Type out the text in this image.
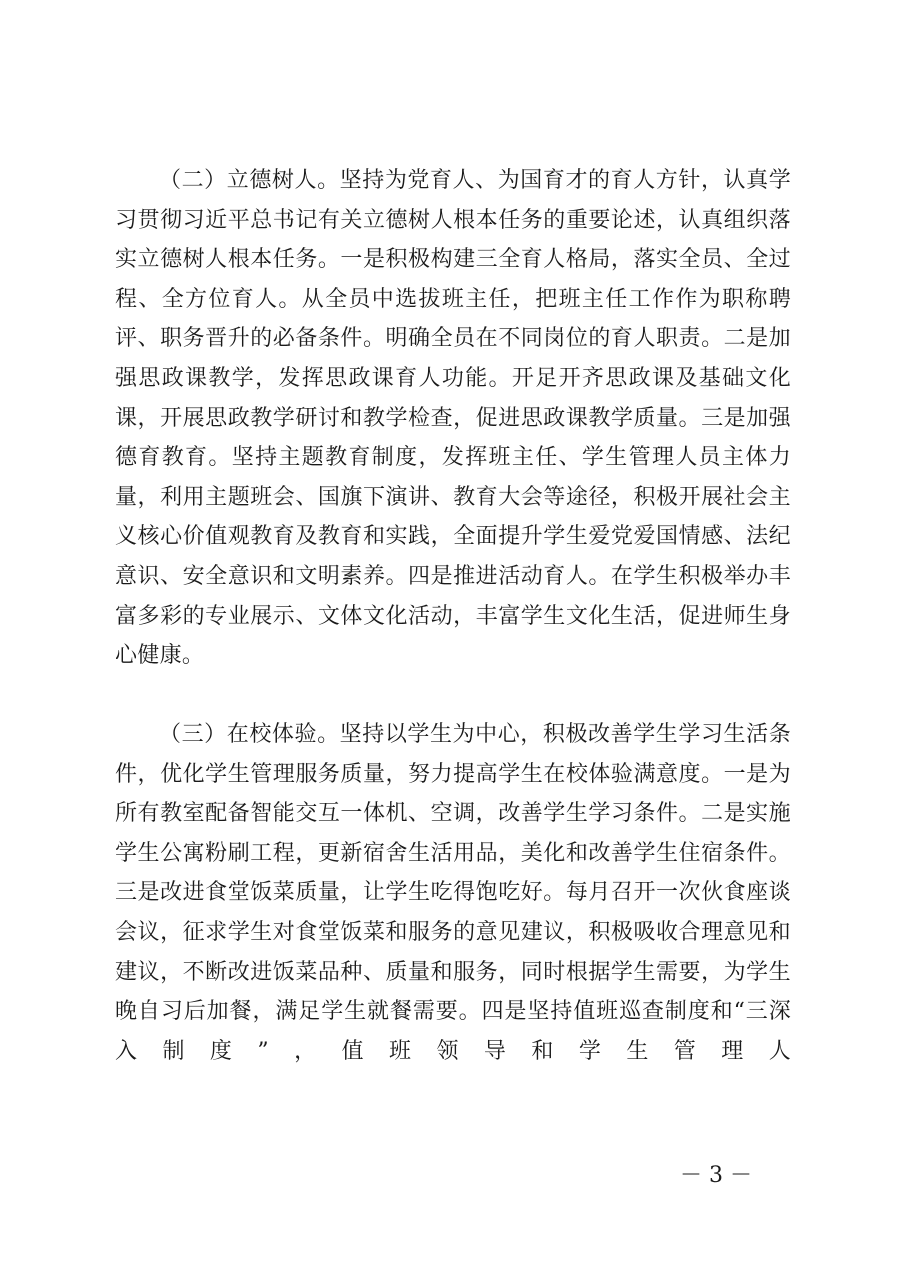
（二）立德树人。坚持为党育人、为国育才的育人方针，认真学习贯彻习近平总书记有关立德树人根本任务的重要论述，认真组织落实立德树人根本任务。一是积极构建三全育人格局，落实全员、全过程、全方位育人。从全员中选拔班主任，把班主任工作作为职称聘评、职务晋升的必备条件。明确全员在不同岗位的育人职责。二是加强思政课教学，发挥思政课育人功能。开足开齐思政课及基础文化课，开展思政教学研讨和教学检查，促进思政课教学质量。三是加强德育教育。坚持主题教育制度，发挥班主任、学生管理人员主体力量，利用主题班会、国旗下演讲、教育大会等途径，积极开展社会主义核心价值观教育及教育和实践，全面提升学生爱党爱国情感、法纪意识、安全意识和文明素养。四是推进活动育人。在学生积极举办丰富多彩的专业展示、文体文化活动，丰富学生文化生活，促进师生身心健康。

（三）在校体验。坚持以学生为中心，积极改善学生学习生活条件，优化学生管理服务质量，努力提高学生在校体验满意度。一是为所有教室配备智能交互一体机、空调，改善学生学习条件。二是实施学生公寓粉刷工程，更新宿舍生活用品，美化和改善学生住宿条件。三是改进食堂饭菜质量，让学生吃得饱吃好。每月召开一次伙食座谈会议，征求学生对食堂饭菜和服务的意见建议，积极吸收合理意见和建议，不断改进饭菜品种、质量和服务，同时根据学生需要，为学生晚自习后加餐，满足学生就餐需要。四是坚持值班巡查制度和“三深入制度”，值班领导和学生管理人

－ 3 －
